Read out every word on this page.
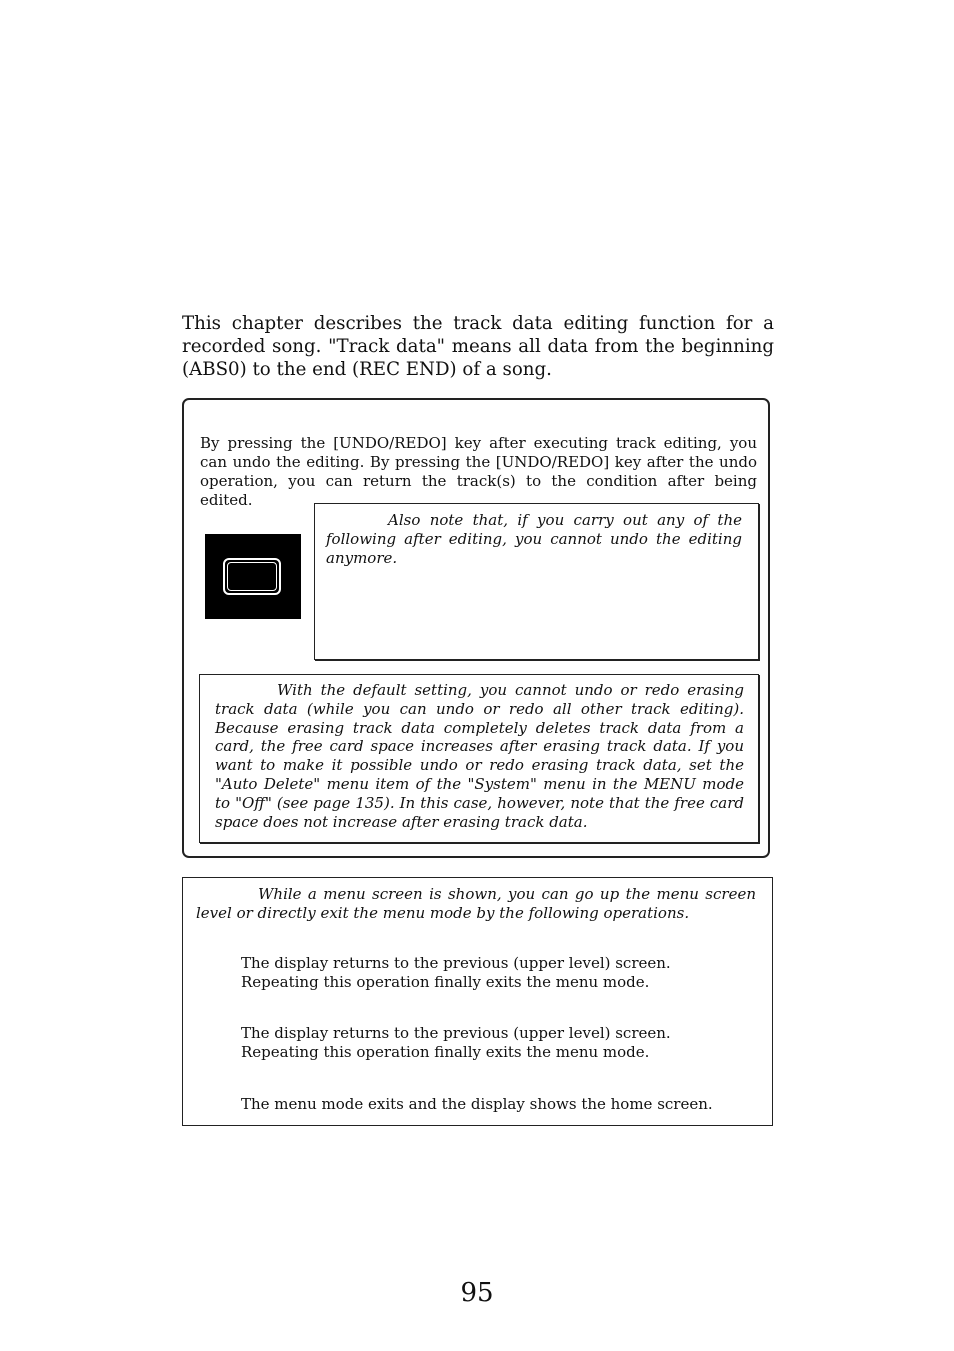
This chapter describes the track data editing function for a recorded song. "Track data" means all data from the beginning (ABS0) to the end (REC END) of a song.

By pressing the [UNDO/REDO] key after executing track editing, you can undo the editing. By pressing the [UNDO/REDO] key after the undo operation, you can return the track(s) to the condition after being edited.

Also note that, if you carry out any of the following after editing, you cannot undo the editing anymore.

With the default setting, you cannot undo or redo erasing track data (while you can undo or redo all other track editing). Because erasing track data completely deletes track data from a card, the free card space increases after erasing track data. If you want to make it possible undo or redo erasing track data, set the "Auto Delete" menu item of the "System" menu in the MENU mode to "Off" (see page 135). In this case, however, note that the free card space does not increase after erasing track data.

While a menu screen is shown, you can go up the menu screen level or directly exit the menu mode by the following operations.

The display returns to the previous (upper level) screen. Repeating this operation finally exits the menu mode.

The display returns to the previous (upper level) screen. Repeating this operation finally exits the menu mode.

The menu mode exits and the display shows the home screen.

95
